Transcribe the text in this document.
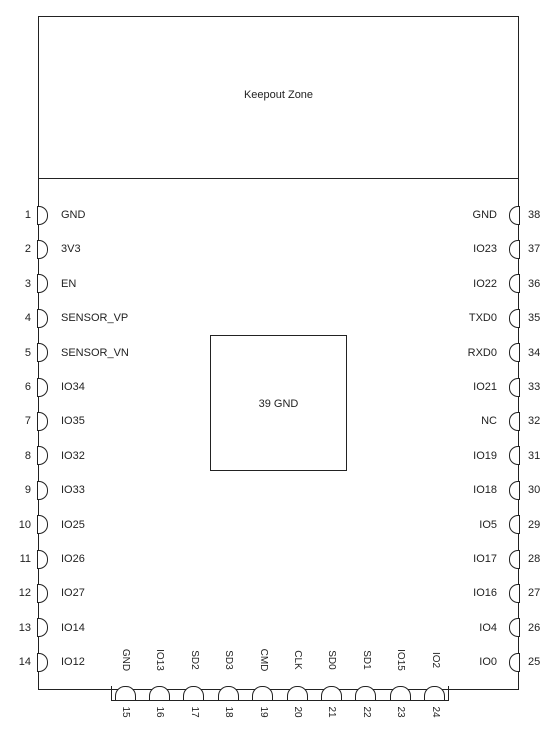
Keepout Zone
39 GND
1	GND
2	3V3
3	EN
4	SENSOR_VP
5	SENSOR_VN
6	IO34
7	IO35
8	IO32
9	IO33
10	IO25
11	IO26
12	IO27
13	IO14
14	IO12
GND	38
IO23	37
IO22	36
TXD0	35
RXD0	34
IO21	33
NC	32
IO19	31
IO18	30
IO5	29
IO17	28
IO16	27
IO4	26
IO0	25
GND
15
IO13
16
SD2
17
SD3
18
CMD
19
CLK
20
SD0
21
SD1
22
IO15
23
IO2
24
